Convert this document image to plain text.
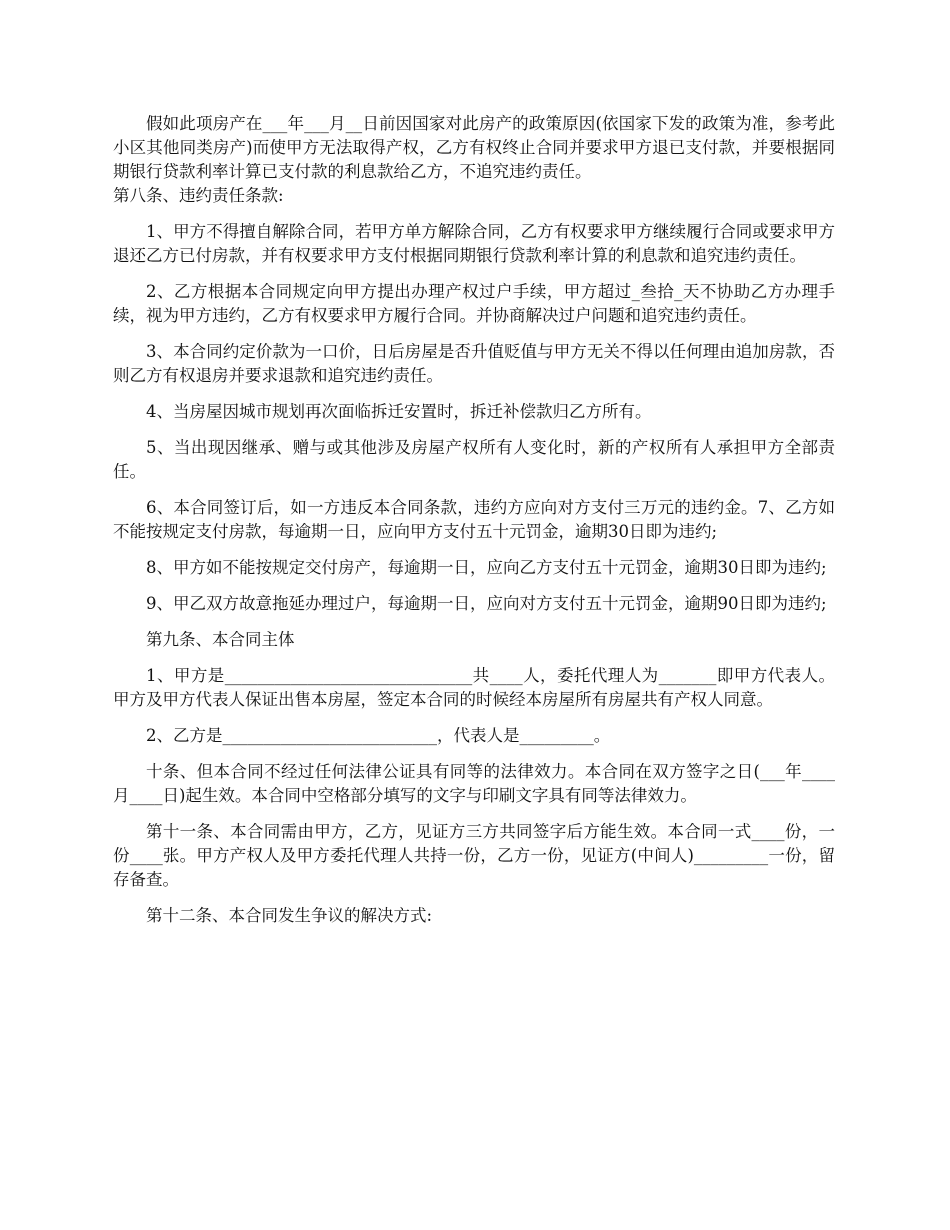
假如此项房产在___年___月__日前因国家对此房产的政策原因(依国家下发的政策为准，参考此小区其他同类房产)而使甲方无法取得产权，乙方有权终止合同并要求甲方退已支付款，并要根据同期银行贷款利率计算已支付款的利息款给乙方，不追究违约责任。

第八条、违约责任条款:

1、甲方不得擅自解除合同，若甲方单方解除合同，乙方有权要求甲方继续履行合同或要求甲方退还乙方已付房款，并有权要求甲方支付根据同期银行贷款利率计算的利息款和追究违约责任。

2、乙方根据本合同规定向甲方提出办理产权过户手续，甲方超过_叁拾_天不协助乙方办理手续，视为甲方违约，乙方有权要求甲方履行合同。并协商解决过户问题和追究违约责任。

3、本合同约定价款为一口价，日后房屋是否升值贬值与甲方无关不得以任何理由追加房款，否则乙方有权退房并要求退款和追究违约责任。

4、当房屋因城市规划再次面临拆迁安置时，拆迁补偿款归乙方所有。

5、当出现因继承、赠与或其他涉及房屋产权所有人变化时，新的产权所有人承担甲方全部责任。

6、本合同签订后，如一方违反本合同条款，违约方应向对方支付三万元的违约金。7、乙方如不能按规定支付房款，每逾期一日，应向甲方支付五十元罚金，逾期30日即为违约;

8、甲方如不能按规定交付房产，每逾期一日，应向乙方支付五十元罚金，逾期30日即为违约;

9、甲乙双方故意拖延办理过户，每逾期一日，应向对方支付五十元罚金，逾期90日即为违约;

第九条、本合同主体

1、甲方是______________________________共____人，委托代理人为_______即甲方代表人。甲方及甲方代表人保证出售本房屋，签定本合同的时候经本房屋所有房屋共有产权人同意。

2、乙方是__________________________，代表人是_________。

十条、但本合同不经过任何法律公证具有同等的法律效力。本合同在双方签字之日(___年____月____日)起生效。本合同中空格部分填写的文字与印刷文字具有同等法律效力。

第十一条、本合同需由甲方，乙方，见证方三方共同签字后方能生效。本合同一式____份，一份____张。甲方产权人及甲方委托代理人共持一份，乙方一份，见证方(中间人)_________一份，留存备查。

第十二条、本合同发生争议的解决方式:
